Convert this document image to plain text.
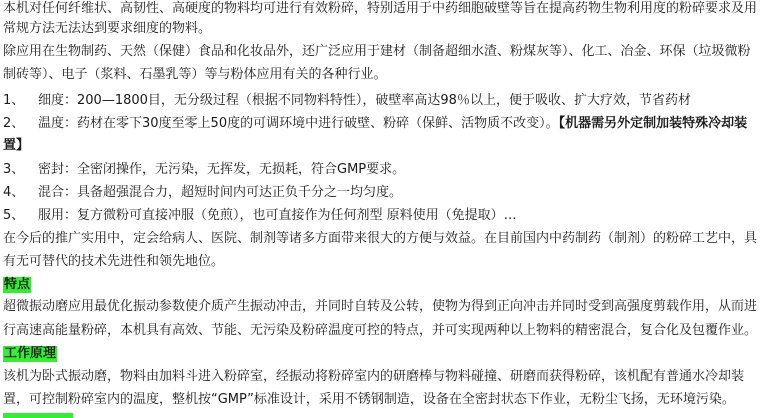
本机对任何纤维状、高韧性、高硬度的物料均可进行有效粉碎，特别适用于中药细胞破壁等旨在提高药物生物利用度的粉碎要求及用
常规方法无法达到要求细度的物料。
除应用在生物制药、天然（保健）食品和化妆品外，还广泛应用于建材（制备超细水渣、粉煤灰等）、化工、冶金、环保（垃圾微粉
制砖等）、电子（浆料、石墨乳等）等与粉体应用有关的各种行业。
1、 细度：200—1800目，无分级过程（根据不同物料特性），破壁率高达98％以上，便于吸收、扩大疗效，节省药材
2、 温度：药材在零下30度至零上50度的可调环境中进行破壁、粉碎（保鲜、活物质不改变）。【机器需另外定制加装特殊冷却装
置】
3、 密封：全密闭操作，无污染，无挥发，无损耗，符合GMP要求。
4、 混合：具备超强混合力，超短时间内可达正负千分之一均匀度。
5、 服用：复方微粉可直接冲服（免煎），也可直接作为任何剂型 原料使用（免提取）…
在今后的推广实用中，定会给病人、医院、制剂等诸多方面带来很大的方便与效益。在目前国内中药制药（制剂）的粉碎工艺中，具
有无可替代的技术先进性和领先地位。
特点
超微振动磨应用最优化振动参数使介质产生振动冲击，并同时自转及公转，使物为得到正向冲击并同时受到高强度剪载作用，从而进
行高速高能量粉碎，本机具有高效、节能、无污染及粉碎温度可控的特点，并可实现两种以上物料的精密混合，复合化及包覆作业。
工作原理
该机为卧式振动磨，物料由加料斗进入粉碎室，经振动将粉碎室内的研磨棒与物料碰撞、研磨而获得粉碎，该机配有普通水冷却装
置，可控制粉碎室内的温度，整机按“GMP”标准设计，采用不锈钢制造，设备在全密封状态下作业，无粉尘飞扬，无环境污染。
